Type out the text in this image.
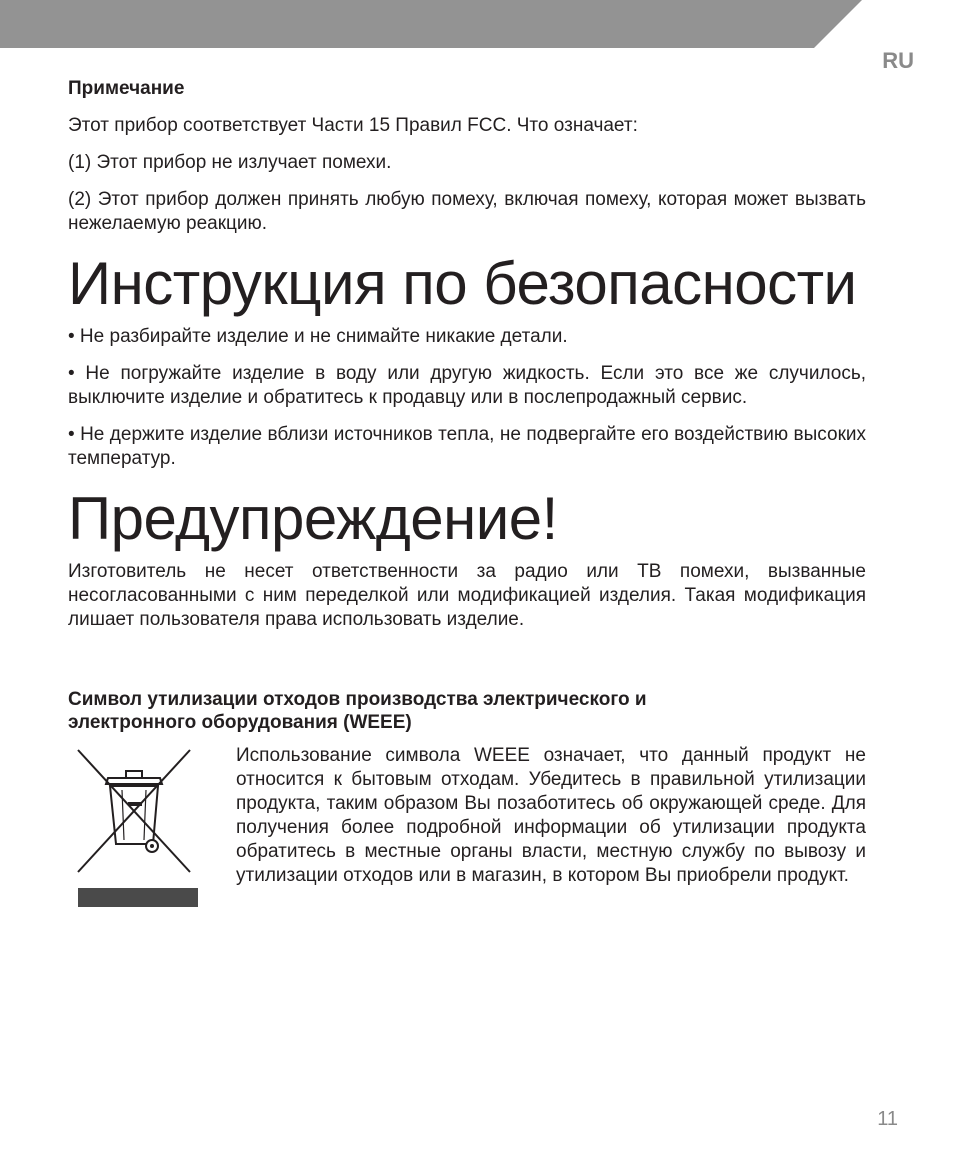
RU
Примечание

Этот прибор соответствует Части 15 Правил FCC. Что означает:

(1) Этот прибор не излучает помехи.

(2) Этот прибор должен принять любую помеху, включая помеху, которая может вызвать нежелаемую реакцию.

Инструкция по безопасности

• Не разбирайте изделие и не снимайте никакие детали.

• Не погружайте изделие в воду или другую жидкость. Если это все же случилось, выключите изделие и обратитесь к продавцу или в послепродажный сервис.

• Не держите изделие вблизи источников тепла, не подвергайте его воздействию высоких температур.

Предупреждение!

Изготовитель не несет ответственности за радио или ТВ помехи, вызванные несогласованными с ним переделкой или модификацией изделия. Такая модификация лишает пользователя права использовать изделие.

Символ утилизации отходов производства электрического и
электронного оборудования (WEEE)
Использование символа WEEE означает, что данный продукт не относится к бытовым отходам. Убедитесь в правильной утилизации продукта, таким образом Вы позаботитесь об окружающей среде. Для получения более подробной информации об утилизации продукта обратитесь в местные органы власти, местную службу по вывозу и утилизации отходов или в магазин, в котором Вы приобрели продукт.
11
